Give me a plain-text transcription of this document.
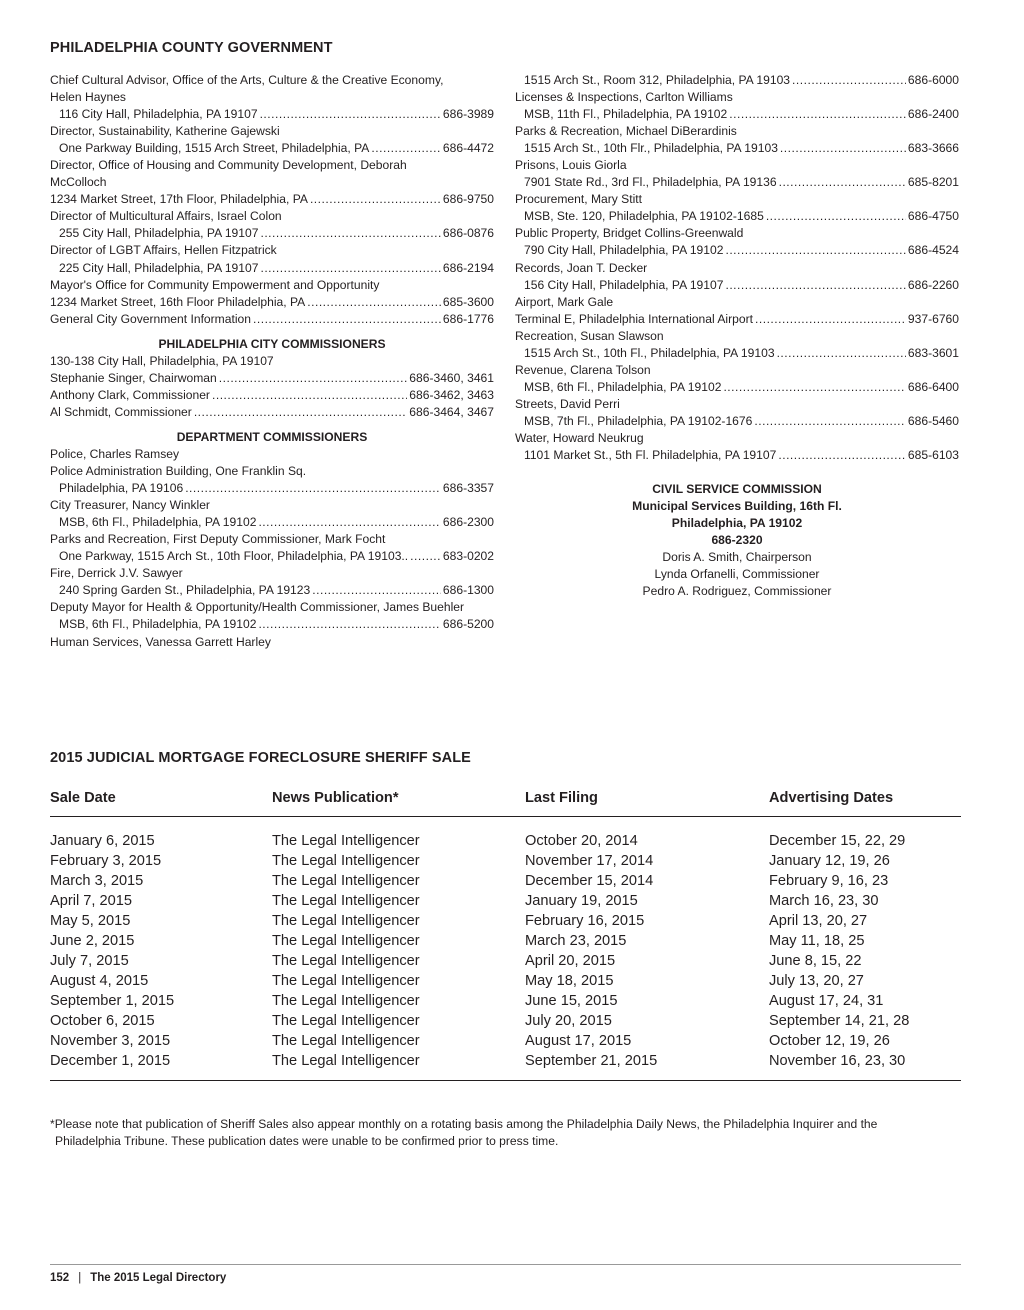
PHILADELPHIA COUNTY GOVERNMENT
Chief Cultural Advisor, Office of the Arts, Culture & the Creative Economy,
Helen Haynes
116 City Hall, Philadelphia, PA 19107 .....	686-3989
Director, Sustainability, Katherine Gajewski
One Parkway Building, 1515 Arch Street, Philadelphia, PA .....	686-4472
Director, Office of Housing and Community Development, Deborah
McColloch
1234 Market Street, 17th Floor, Philadelphia, PA .....	686-9750
Director of Multicultural Affairs, Israel Colon
255 City Hall, Philadelphia, PA 19107 .....	686-0876
Director of LGBT Affairs, Hellen Fitzpatrick
225 City Hall, Philadelphia, PA 19107 .....	686-2194
Mayor's Office for Community Empowerment and Opportunity
1234 Market Street, 16th Floor Philadelphia, PA .....	685-3600
General City Government Information .....	686-1776
PHILADELPHIA CITY COMMISSIONERS
130-138 City Hall, Philadelphia, PA 19107
Stephanie Singer, Chairwoman .....	686-3460, 3461
Anthony Clark, Commissioner .....	686-3462, 3463
Al Schmidt, Commissioner .....	686-3464, 3467
DEPARTMENT COMMISSIONERS
Police, Charles Ramsey
Police Administration Building, One Franklin Sq.
Philadelphia, PA 19106 .....	686-3357
City Treasurer, Nancy Winkler
MSB, 6th Fl., Philadelphia, PA 19102 .....	686-2300
Parks and Recreation, First Deputy Commissioner, Mark Focht
One Parkway, 1515 Arch St., 10th Floor, Philadelphia, PA 19103.. .....	683-0202
Fire, Derrick J.V. Sawyer
240 Spring Garden St., Philadelphia, PA 19123 .....	686-1300
Deputy Mayor for Health & Opportunity/Health Commissioner, James Buehler
MSB, 6th Fl., Philadelphia, PA 19102 .....	686-5200
Human Services, Vanessa Garrett Harley
1515 Arch St., Room 312, Philadelphia, PA 19103 .....	686-6000
Licenses & Inspections, Carlton Williams
MSB, 11th Fl., Philadelphia, PA 19102 .....	686-2400
Parks & Recreation, Michael DiBerardinis
1515 Arch St., 10th Flr., Philadelphia, PA 19103 .....	683-3666
Prisons, Louis Giorla
7901 State Rd., 3rd Fl., Philadelphia, PA 19136 .....	685-8201
Procurement, Mary Stitt
MSB, Ste. 120, Philadelphia, PA 19102-1685 .....	686-4750
Public Property, Bridget Collins-Greenwald
790 City Hall, Philadelphia, PA 19102 .....	686-4524
Records, Joan T. Decker
156 City Hall, Philadelphia, PA 19107 .....	686-2260
Airport, Mark Gale
Terminal E, Philadelphia International Airport .....	937-6760
Recreation, Susan Slawson
1515 Arch St., 10th Fl., Philadelphia, PA 19103 .....	683-3601
Revenue, Clarena Tolson
MSB, 6th Fl., Philadelphia, PA 19102 .....	686-6400
Streets, David Perri
MSB, 7th Fl., Philadelphia, PA 19102-1676 .....	686-5460
Water, Howard Neukrug
1101 Market St., 5th Fl. Philadelphia, PA 19107 .....	685-6103
CIVIL SERVICE COMMISSION
Municipal Services Building, 16th Fl.
Philadelphia, PA 19102
686-2320
Doris A. Smith, Chairperson
Lynda Orfanelli, Commissioner
Pedro A. Rodriguez, Commissioner
2015 JUDICIAL MORTGAGE FORECLOSURE SHERIFF SALE
Sale Date	News Publication*	Last Filing	Advertising Dates
January 6, 2015	The Legal Intelligencer	October 20, 2014	December 15, 22, 29
February 3, 2015	The Legal Intelligencer	November 17, 2014	January 12, 19, 26
March 3, 2015	The Legal Intelligencer	December 15, 2014	February 9, 16, 23
April 7, 2015	The Legal Intelligencer	January 19, 2015	March 16, 23, 30
May 5, 2015	The Legal Intelligencer	February 16, 2015	April 13, 20, 27
June 2, 2015	The Legal Intelligencer	March 23, 2015	May 11, 18, 25
July 7, 2015	The Legal Intelligencer	April 20, 2015	June 8, 15, 22
August 4, 2015	The Legal Intelligencer	May 18, 2015	July 13, 20, 27
September 1, 2015	The Legal Intelligencer	June 15, 2015	August 17, 24, 31
October 6, 2015	The Legal Intelligencer	July 20, 2015	September 14, 21, 28
November 3, 2015	The Legal Intelligencer	August 17, 2015	October 12, 19, 26
December 1, 2015	The Legal Intelligencer	September 21, 2015	November 16, 23, 30
*Please note that publication of Sheriff Sales also appear monthly on a rotating basis among the Philadelphia Daily News, the Philadelphia Inquirer and the
Philadelphia Tribune. These publication dates were unable to be confirmed prior to press time.
152 | The 2015 Legal Directory
